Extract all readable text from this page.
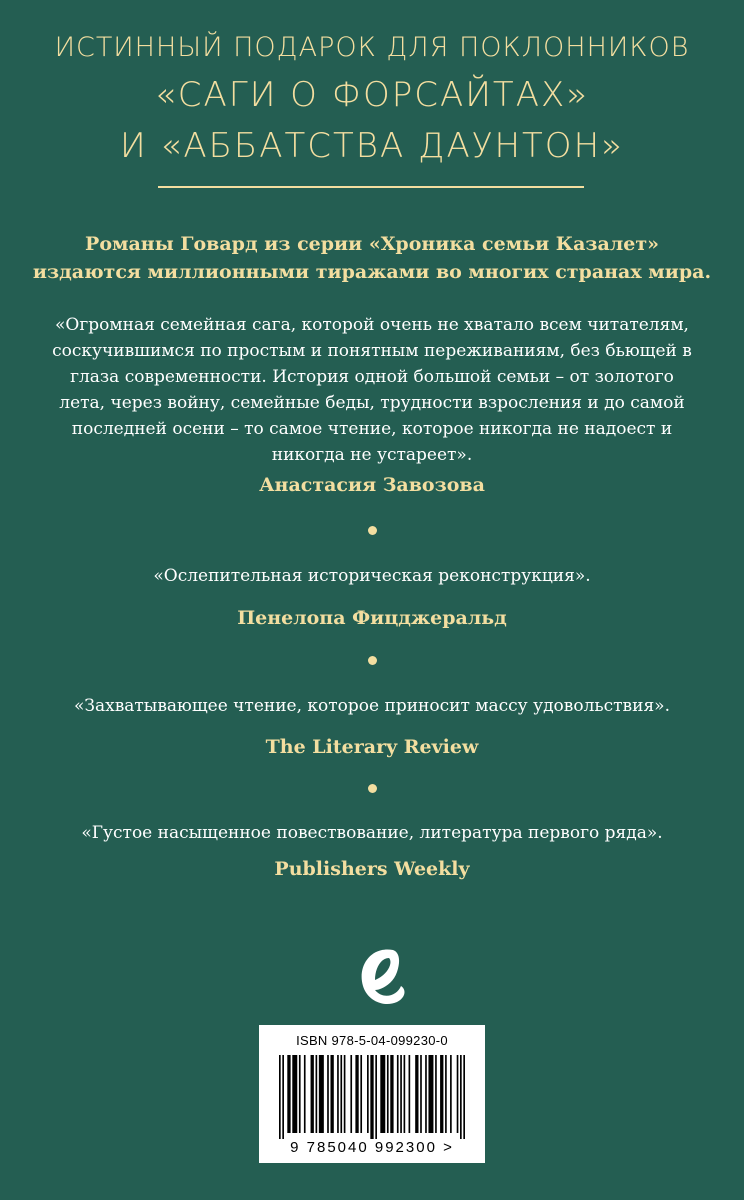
ИСТИННЫЙ ПОДАРОК ДЛЯ ПОКЛОННИКОВ
«САГИ О ФОРСАЙТАХ»
И «АББАТСТВА ДАУНТОН»
Романы Говард из серии «Хроника семьи Казалет»
издаются миллионными тиражами во многих странах мира.
«Огромная семейная сага, которой очень не хватало всем читателям,
соскучившимся по простым и понятным переживаниям, без бьющей в
глаза современности. История одной большой семьи – от золотого
лета, через войну, семейные беды, трудности взросления и до самой
последней осени – то самое чтение, которое никогда не надоест и
никогда не устареет».
Анастасия Завозова
«Ослепительная историческая реконструкция».
Пенелопа Фицджеральд
«Захватывающее чтение, которое приносит массу удовольствия».
The Literary Review
«Густое насыщенное повествование, литература первого ряда».
Publishers Weekly
ISBN 978-5-04-099230-0
9 785040 992300 >
